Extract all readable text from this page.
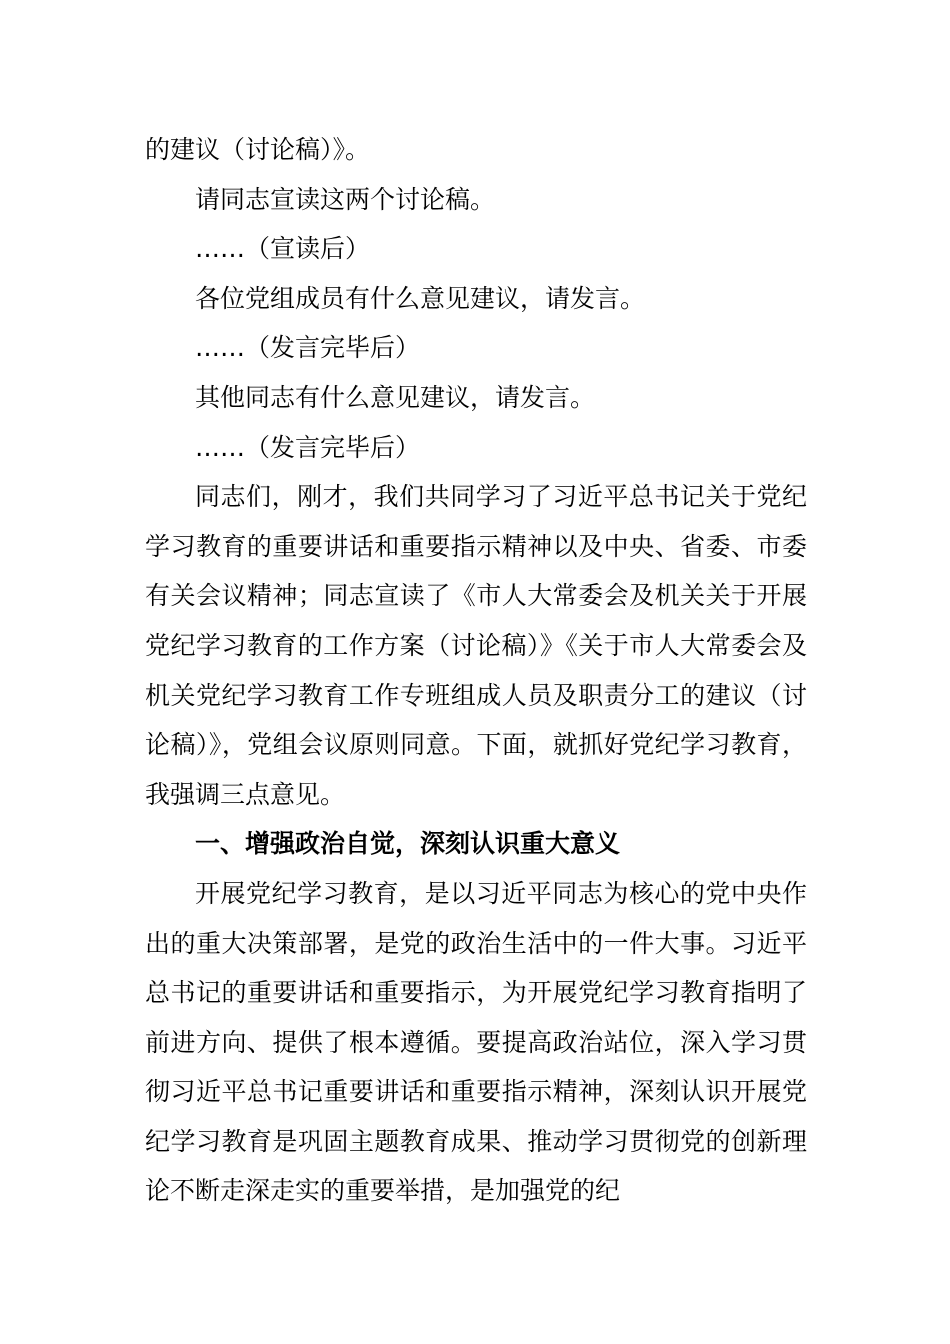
的建议（讨论稿）》。

请同志宣读这两个讨论稿。

……（宣读后）

各位党组成员有什么意见建议，请发言。

……（发言完毕后）

其他同志有什么意见建议，请发言。

……（发言完毕后）

同志们，刚才，我们共同学习了习近平总书记关于党纪学习教育的重要讲话和重要指示精神以及中央、省委、市委有关会议精神；同志宣读了《市人大常委会及机关关于开展党纪学习教育的工作方案（讨论稿）》《关于市人大常委会及机关党纪学习教育工作专班组成人员及职责分工的建议（讨论稿）》，党组会议原则同意。下面，就抓好党纪学习教育，我强调三点意见。

一、增强政治自觉，深刻认识重大意义

开展党纪学习教育，是以习近平同志为核心的党中央作出的重大决策部署，是党的政治生活中的一件大事。习近平总书记的重要讲话和重要指示，为开展党纪学习教育指明了前进方向、提供了根本遵循。要提高政治站位，深入学习贯彻习近平总书记重要讲话和重要指示精神，深刻认识开展党纪学习教育是巩固主题教育成果、推动学习贯彻党的创新理论不断走深走实的重要举措，是加强党的纪
